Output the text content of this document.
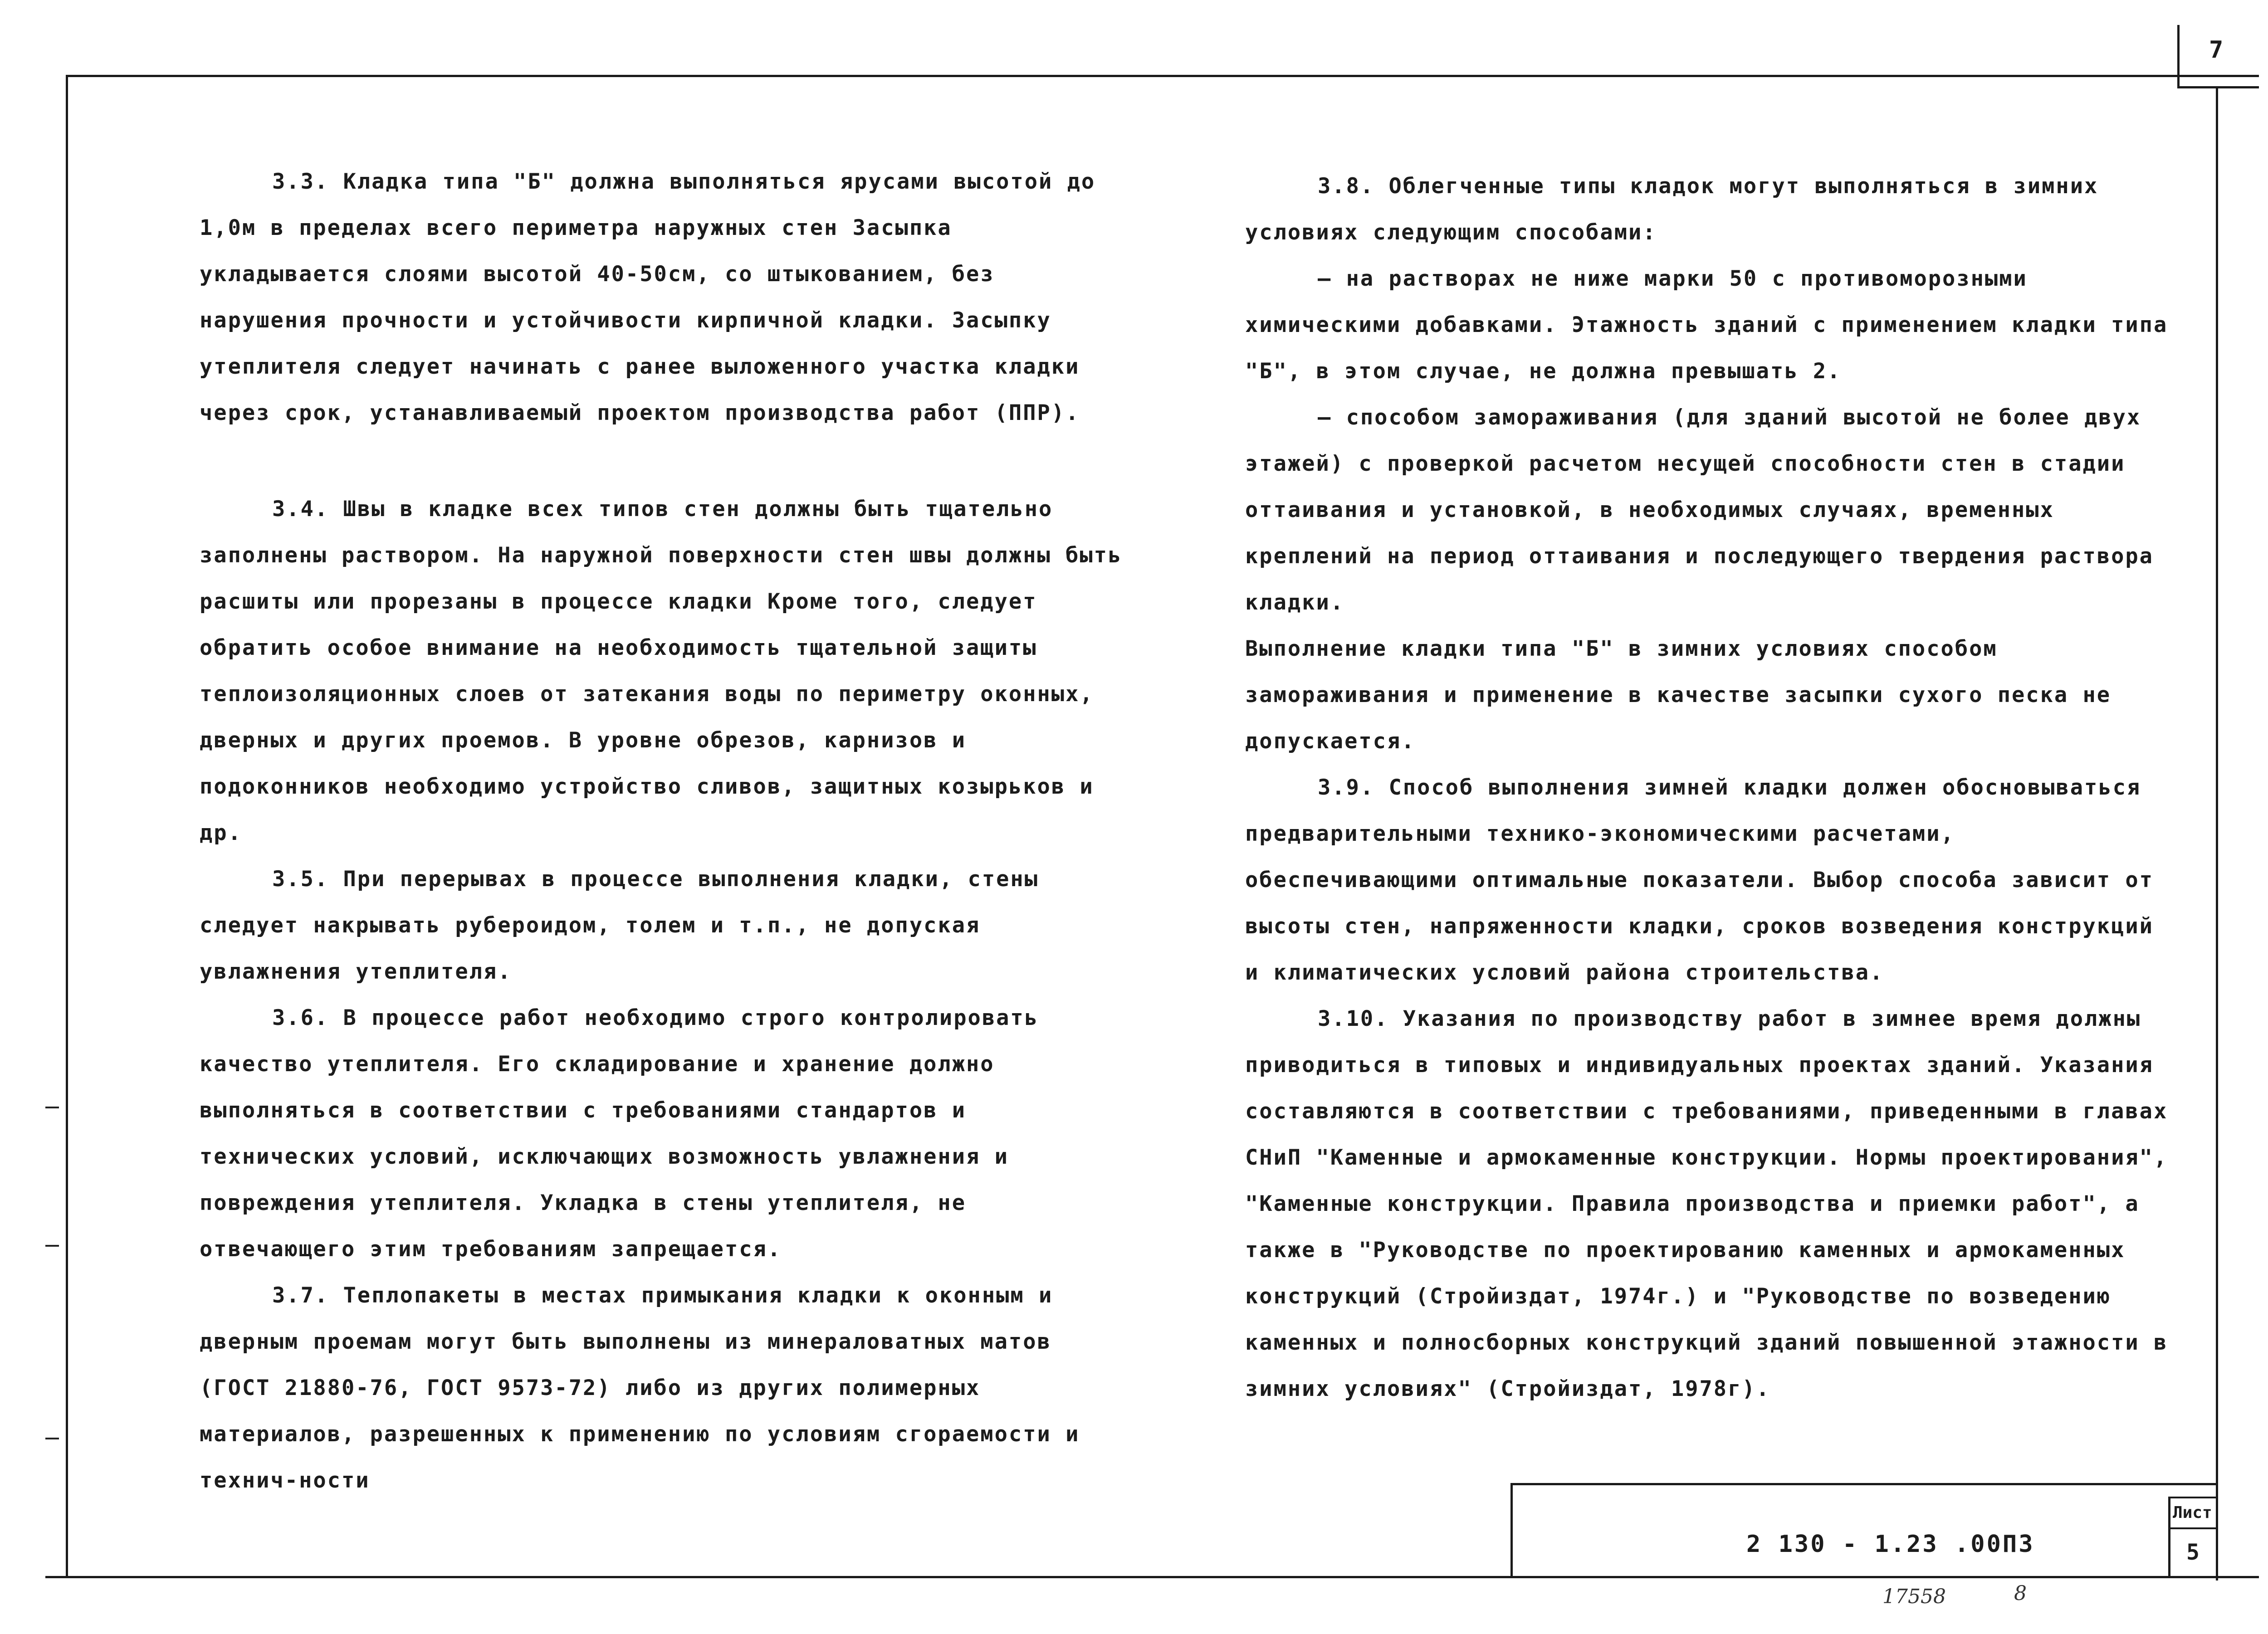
7

3.3. Кладка типа "Б" должна выполняться ярусами высотой до 1,0м в пределах всего периметра наружных стен Засыпка укладывается слоями высотой 40-50см, со штыкованием, без нарушения прочности и устойчивости кирпичной кладки. Засыпку утеплителя следует начинать с ранее выложенного участка кладки через срок, устанавливаемый проектом производства работ (ППР).

3.4. Швы в кладке всех типов стен должны быть тщательно заполнены раствором. На наружной поверхности стен швы должны быть расшиты или прорезаны в процессе кладки Кроме того, следует обратить особое внимание на необходимость тщательной защиты теплоизоляционных слоев от затекания воды по периметру оконных, дверных и других проемов. В уровне обрезов, карнизов и подоконников необходимо устройство сливов, защитных козырьков и др.

3.5. При перерывах в процессе выполнения кладки, стены следует накрывать рубероидом, толем и т.п., не допуская увлажнения утеплителя.

3.6. В процессе работ необходимо строго контролировать качество утеплителя. Его складирование и хранение должно выполняться в соответствии с требованиями стандартов и технических условий, исключающих возможность увлажнения и повреждения утеплителя. Укладка в стены утеплителя, не отвечающего этим требованиям запрещается.

3.7. Теплопакеты в местах примыкания кладки к оконным и дверным проемам могут быть выполнены из минераловатных матов (ГОСТ 21880-76, ГОСТ 9573-72) либо из других полимерных материалов, разрешенных к применению по условиям сгораемости и технич-ности

3.8. Облегченные типы кладок могут выполняться в зимних условиях следующим способами:

— на растворах не ниже марки 50 с противоморозными химическими добавками. Этажность зданий с применением кладки типа "Б", в этом случае, не должна превышать 2.

— способом замораживания (для зданий высотой не более двух этажей) с проверкой расчетом несущей способности стен в стадии оттаивания и установкой, в необходимых случаях, временных креплений на период оттаивания и последующего твердения раствора кладки.

Выполнение кладки типа "Б" в зимних условиях способом замораживания и применение в качестве засыпки сухого песка не допускается.

3.9. Способ выполнения зимней кладки должен обосновываться предварительными технико-экономическими расчетами, обеспечивающими оптимальные показатели. Выбор способа зависит от высоты стен, напряженности кладки, сроков возведения конструкций и климатических условий района строительства.

3.10. Указания по производству работ в зимнее время должны приводиться в типовых и индивидуальных проектах зданий. Указания составляются в соответствии с требованиями, приведенными в главах СНиП "Каменные и армокаменные конструкции. Нормы проектирования", "Каменные конструкции. Правила производства и приемки работ", а также в "Руководстве по проектированию каменных и армокаменных конструкций (Стройиздат, 1974г.) и "Руководстве по возведению каменных и полносборных конструкций зданий повышенной этажности в зимних условиях" (Стройиздат, 1978г).

2 130 - 1.23 .00ПЗ
Лист
5
17558	8
